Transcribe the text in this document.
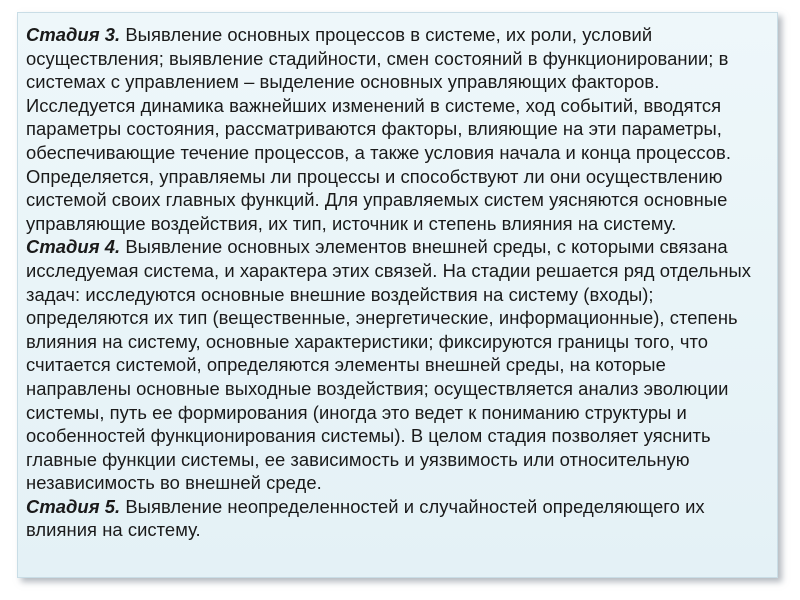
Стадия 3. Выявление основных процессов в системе, их роли, условий осуществления; выявление стадийности, смен состояний в функционировании; в системах с управлением – выделение основных управляющих факторов. Исследуется динамика важнейших изменений в системе, ход событий, вводятся параметры состояния, рассматриваются факторы, влияющие на эти параметры, обеспечивающие течение процессов, а также условия начала и конца процессов. Определяется, управляемы ли процессы и способствуют ли они осуществлению системой своих главных функций. Для управляемых систем уясняются основные управляющие воздействия, их тип, источник и степень влияния на систему.

Стадия 4. Выявление основных элементов внешней среды, с которыми связана исследуемая система, и характера этих связей. На стадии решается ряд отдельных задач: исследуются основные внешние воздействия на систему (входы); определяются их тип (вещественные, энергетические, информационные), степень влияния на систему, основные характеристики; фиксируются границы того, что считается системой, определяются элементы внешней среды, на которые направлены основные выходные воздействия; осуществляется анализ эволюции системы, путь ее формирования (иногда это ведет к пониманию структуры и особенностей функционирования системы). В целом стадия позволяет уяснить главные функции системы, ее зависимость и уязвимость или относительную независимость во внешней среде.

Стадия 5. Выявление неопределенностей и случайностей определяющего их влияния на систему.
